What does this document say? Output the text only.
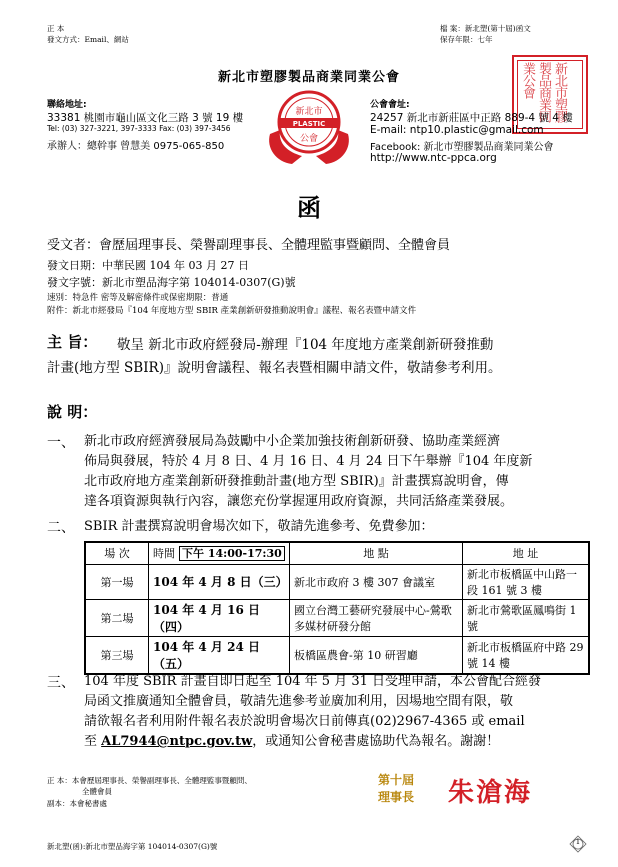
正 本
發文方式：Email、網站
檔 案：新北塑(第十屆)函文
保存年限：七年
新北市塑膠製品商業同業公會	新北市塑膠製品商業同業公會
聯絡地址:
33381 桃園市龜山區文化三路 3 號 19 樓
Tel: (03) 327-3221, 397-3333 Fax: (03) 397-3456
承辦人：總幹事 曾慧美 0975-065-850
PLASTIC
新北市
公會
公會會址:
24257 新北市新莊區中正路 889-4 號 4 樓
E-mail: ntp10.plastic@gmail.com
Facebook: 新北市塑膠製品商業同業公會
http://www.ntc-ppca.org
函
受文者：會歷屆理事長、榮譽副理事長、全體理監事暨顧問、全體會員
發文日期：中華民國 104 年 03 月 27 日
發文字號：新北市塑品海字第 104014-0307(G)號
速別：特急件 密等及解密條件或保密期限：普通
附件：新北市經發局『104 年度地方型 SBIR 產業創新研發推動說明會』議程、報名表暨申請文件
主 旨： 敬呈 新北市政府經發局-辦理『104 年度地方產業創新研發推動
計畫(地方型 SBIR)』說明會議程、報名表暨相關申請文件，敬請參考利用。
說 明：
一、 新北市政府經濟發展局為鼓勵中小企業加強技術創新研發、協助產業經濟
佈局與發展，特於 4 月 8 日、4 月 16 日、4 月 24 日下午舉辦『104 年度新
北市政府地方產業創新研發推動計畫(地方型 SBIR)』計畫撰寫說明會，傳
達各項資源與執行內容，讓您充份掌握運用政府資源，共同活絡產業發展。
二、 SBIR 計畫撰寫說明會場次如下，敬請先進參考、免費參加：
場 次	時間 下午 14:00-17:30	地 點	地 址
第一場	104 年 4 月 8 日（三）	新北市政府 3 樓 307 會議室	新北市板橋區中山路一段 161 號 3 樓
第二場	104 年 4 月 16 日（四）	國立台灣工藝研究發展中心-鶯歌多媒材研發分館	新北市鶯歌區鳳鳴街 1 號
第三場	104 年 4 月 24 日（五）	板橋區農會-第 10 研習廳	新北市板橋區府中路 29 號 14 樓
三、 104 年度 SBIR 計畫自即日起至 104 年 5 月 31 日受理申請，本公會配合經發
局函文推廣通知全體會員，敬請先進參考並廣加利用，因場地空間有限，敬
請欲報名者利用附件報名表於說明會場次日前傳真(02)2967-4365 或 email
至 AL7944@ntpc.gov.tw，或通知公會秘書處協助代為報名。謝謝！
正 本：本會歷屆理事長、榮譽副理事長、全體理監事暨顧問、
全體會員
副本：本會秘書處
第十屆
理事長 朱滄海
新北塑(函):新北市塑品海字第 104014-0307(G)號	1
